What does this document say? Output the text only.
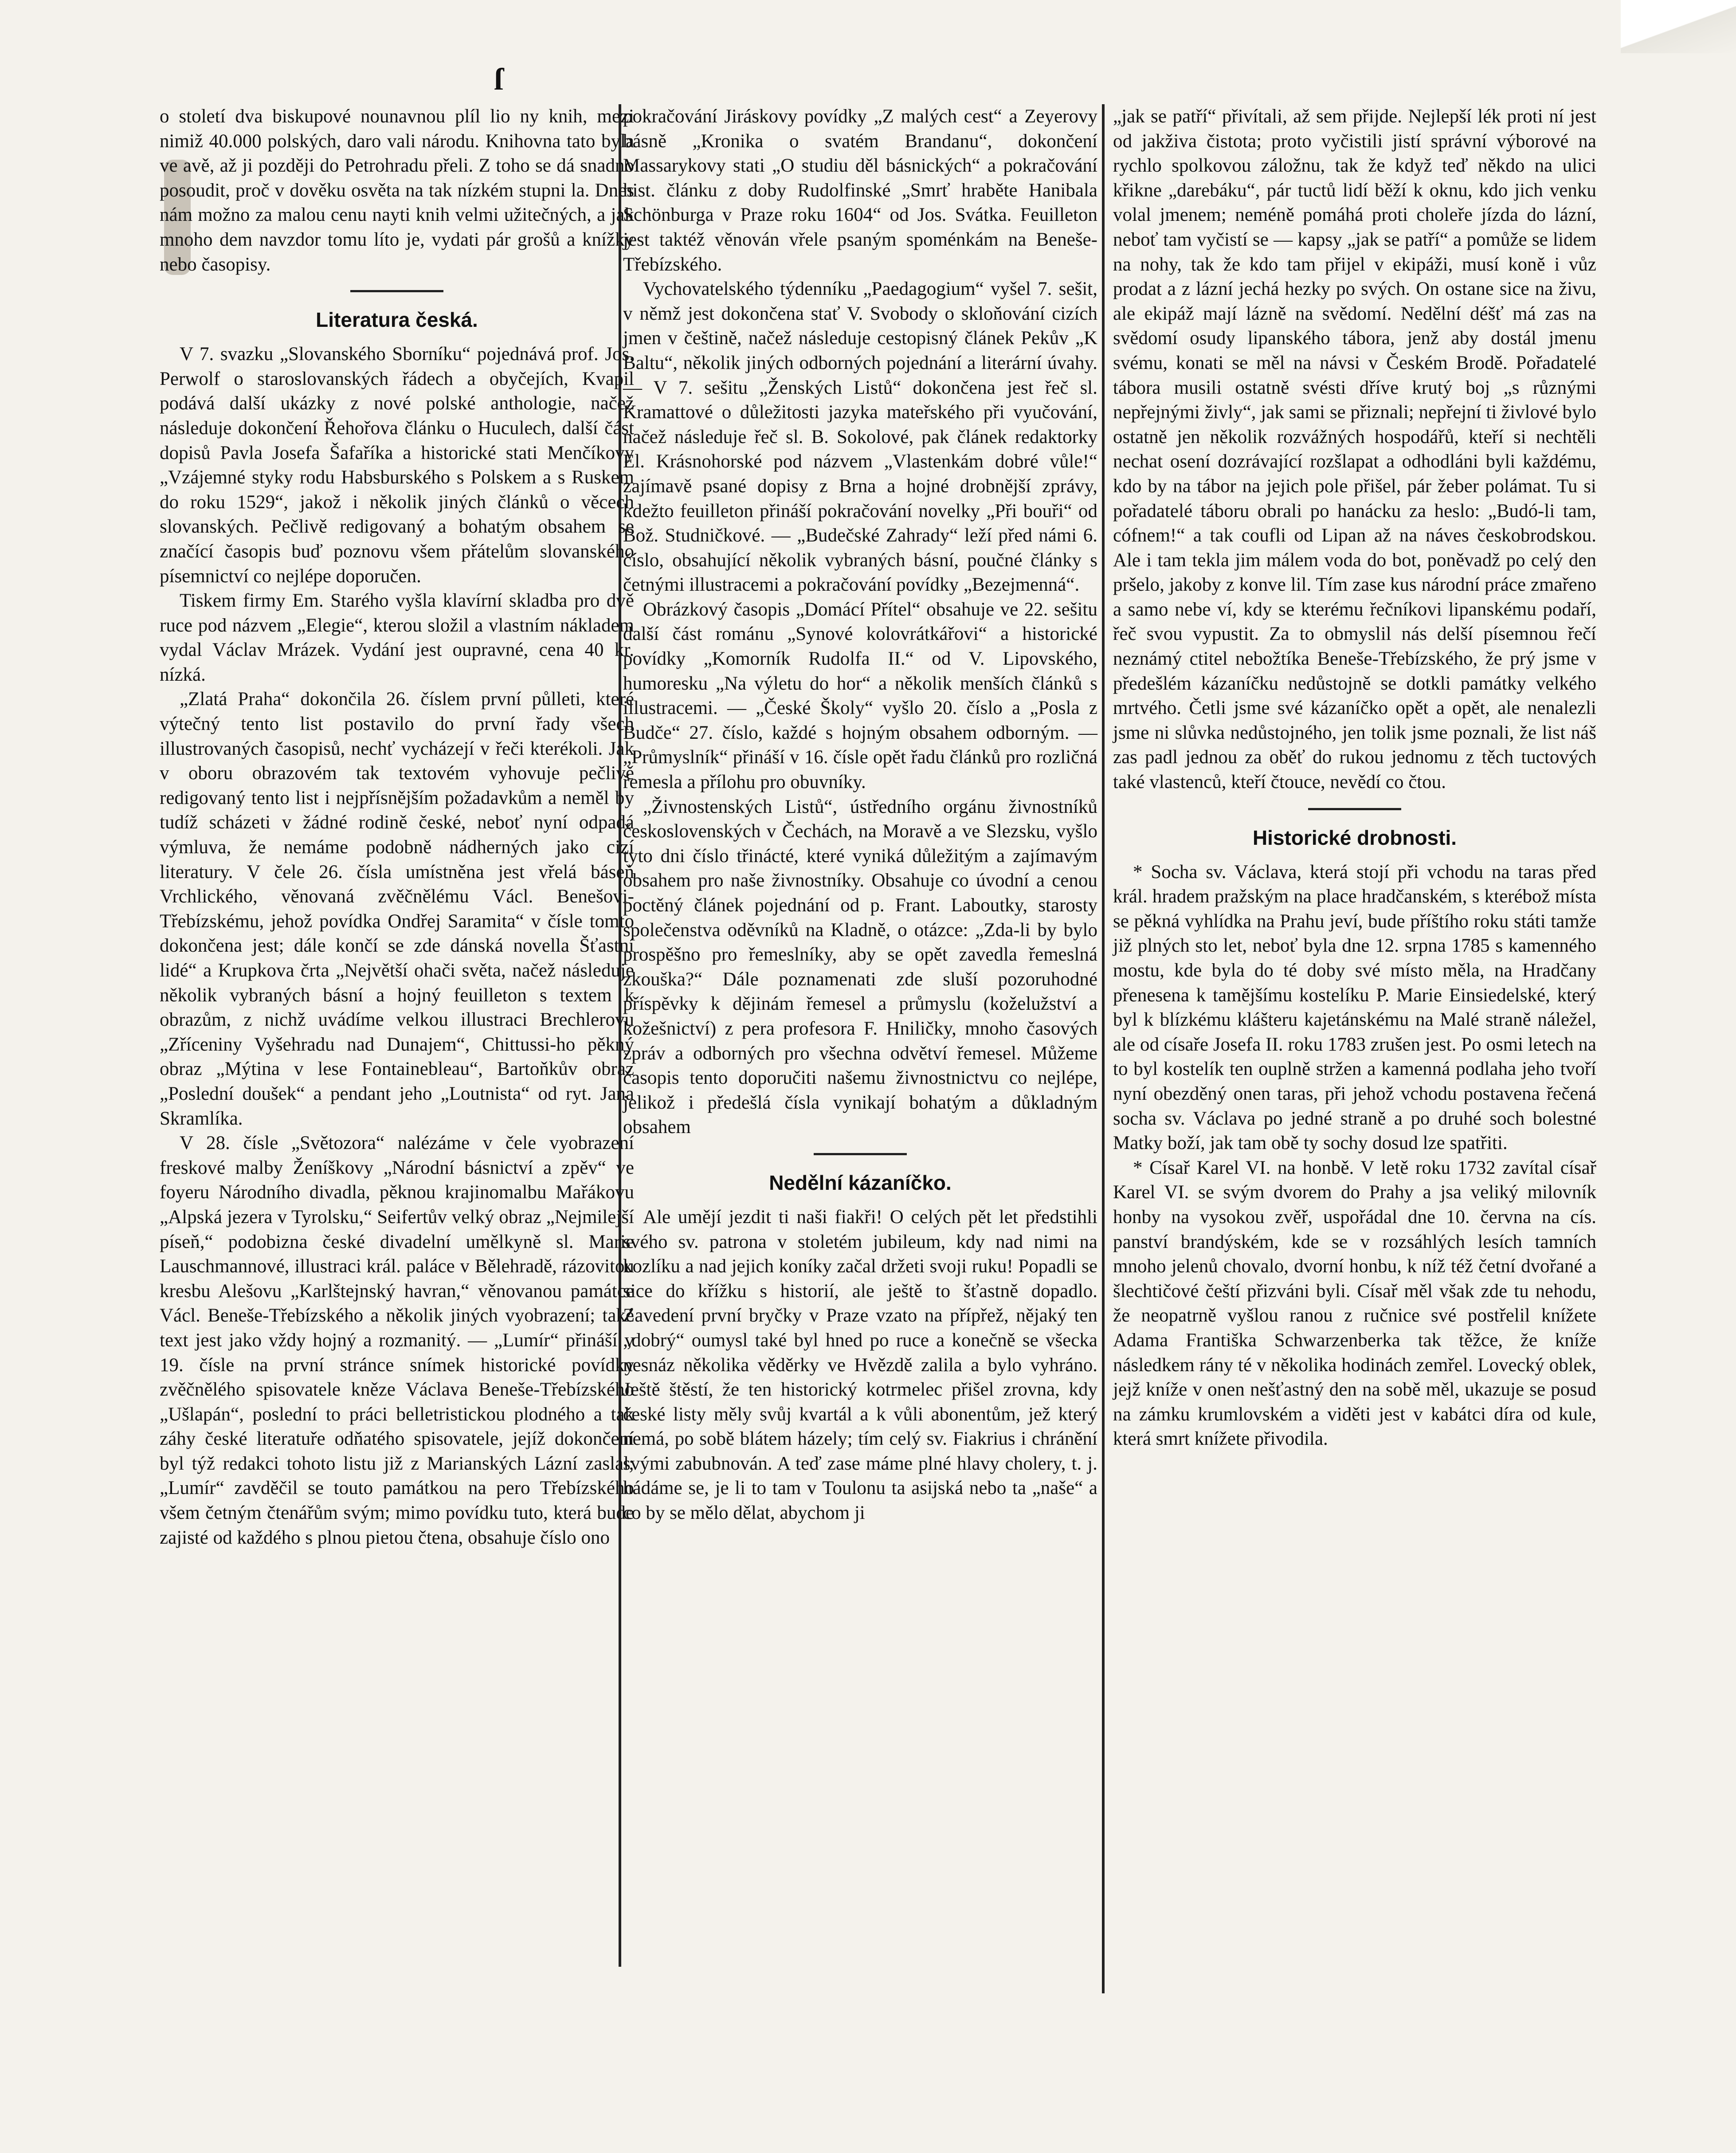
ſ

o století dva biskupové nounavnou plíl lio ny knih, mezi nimiž 40.000 polských, daro vali národu. Knihovna tato byla ve avě, až ji později do Petrohradu přeli. Z toho se dá snadno posoudit, proč v dověku osvěta na tak nízkém stupni la. Dnes nám možno za malou cenu nayti knih velmi užitečných, a jak mnoho dem navzdor tomu líto je, vydati pár grošů a knížky nebo časopisy.

Literatura česká.

V 7. svazku „Slovanského Sborníku“ pojednává prof. Jos. Perwolf o staroslovanských řádech a obyčejích, Kvapil podává další ukázky z nové polské anthologie, načež následuje dokončení Řehořova článku o Huculech, další část dopisů Pavla Josefa Šafaříka a historické stati Menčíkovy „Vzájemné styky rodu Habsburského s Polskem a s Ruskem do roku 1529“, jakož i několik jiných článků o věcech slovanských. Pečlivě redigovaný a bohatým obsahem se značící časopis buď poznovu všem přátelům slovanského písemnictví co nejlépe doporučen.

Tiskem firmy Em. Starého vyšla klavírní skladba pro dvě ruce pod názvem „Elegie“, kterou složil a vlastním nákladem vydal Václav Mrázek. Vydání jest oupravné, cena 40 kr. nízká.

„Zlatá Praha“ dokončila 26. číslem první půlleti, které výtečný tento list postavilo do první řady všech illustrovaných časopisů, nechť vycházejí v řeči kterékoli. Jak v oboru obrazovém tak textovém vyhovuje pečlivě redigovaný tento list i nejpřísnějším požadavkům a neměl by tudíž scházeti v žádné rodině české, neboť nyní odpadá výmluva, že nemáme podobně nádherných jako cizí literatury. V čele 26. čísla umístněna jest vřelá báseň Vrchlického, věnovaná zvěčnělému Václ. Benešovi-Třebízskému, jehož povídka Ondřej Saramita“ v čísle tomto dokončena jest; dále končí se zde dánská novella Šťastní lidé“ a Krupkova črta „Největší ohači světa, načež následuje několik vybraných básní a hojný feuilleton s textem k obrazům, z nichž uvádíme velkou illustraci Brechlerovu „Zříceniny Vyšehradu nad Dunajem“, Chittussi-ho pěkný obraz „Mýtina v lese Fontainebleau“, Bartoňkův obraz „Poslední doušek“ a pendant jeho „Loutnista“ od ryt. Jana Skramlíka.

V 28. čísle „Světozora“ nalézáme v čele vyobrazení freskové malby Ženíškovy „Národní básnictví a zpěv“ ve foyeru Národního divadla, pěknou krajinomalbu Mařákovu „Alpská jezera v Tyrolsku,“ Seifertův velký obraz „Nejmilejší píseň,“ podobizna české divadelní umělkyně sl. Marie Lauschmannové, illustraci král. paláce v Bělehradě, rázovitou kresbu Alešovu „Karlštejnský havran,“ věnovanou památce Václ. Beneše-Třebízského a několik jiných vyobrazení; také text jest jako vždy hojný a rozmanitý. — „Lumír“ přináší v 19. čísle na první stránce snímek historické povídky zvěčnělého spisovatele kněze Václava Beneše-Třebízského „Ušlapán“, poslední to práci belletristickou plodného a tak záhy české literatuře odňatého spisovatele, jejíž dokončení byl týž redakci tohoto listu již z Marianských Lázní zaslal; „Lumír“ zavděčil se touto památkou na pero Třebízského všem četným čtenářům svým; mimo povídku tuto, která bude zajisté od každého s plnou pietou čtena, obsahuje číslo ono

pokračování Jiráskovy povídky „Z malých cest“ a Zeyerovy básně „Kronika o svatém Brandanu“, dokončení Massarykovy stati „O studiu děl básnických“ a pokračování hist. článku z doby Rudolfinské „Smrť hraběte Hanibala Schönburga v Praze roku 1604“ od Jos. Svátka. Feuilleton jest taktéž věnován vřele psaným spoménkám na Beneše-Třebízského.

Vychovatelského týdenníku „Paedagogium“ vyšel 7. sešit, v němž jest dokončena stať V. Svobody o skloňování cizích jmen v češtině, načež následuje cestopisný článek Pekův „K Baltu“, několik jiných odborných pojednání a literární úvahy. — V 7. sešitu „Ženských Listů“ dokončena jest řeč sl. Kramattové o důležitosti jazyka mateřského při vyučování, načež následuje řeč sl. B. Sokolové, pak článek redaktorky El. Krásnohorské pod názvem „Vlastenkám dobré vůle!“ zajímavě psané dopisy z Brna a hojné drobnější zprávy, kdežto feuilleton přináší pokračování novelky „Při bouři“ od Bož. Studničkové. — „Budečské Zahrady“ leží před námi 6. číslo, obsahující několik vybraných básní, poučné články s četnými illustracemi a pokračování povídky „Bezejmenná“.

Obrázkový časopis „Domácí Přítel“ obsahuje ve 22. sešitu další část románu „Synové kolovrátkářovi“ a historické povídky „Komorník Rudolfa II.“ od V. Lipovského, humoresku „Na výletu do hor“ a několik menších článků s illustracemi. — „České Školy“ vyšlo 20. číslo a „Posla z Budče“ 27. číslo, každé s hojným obsahem odborným. — „Průmyslník“ přináší v 16. čísle opět řadu článků pro rozličná řemesla a přílohu pro obuvníky.

„Živnostenských Listů“, ústředního orgánu živnostníků československých v Čechách, na Moravě a ve Slezsku, vyšlo tyto dni číslo třinácté, které vyniká důležitým a zajímavým obsahem pro naše živnostníky. Obsahuje co úvodní a cenou poctěný článek pojednání od p. Frant. Laboutky, starosty společenstva oděvníků na Kladně, o otázce: „Zda-li by bylo prospěšno pro řemeslníky, aby se opět zavedla řemeslná zkouška?“ Dále poznamenati zde sluší pozoruhodné příspěvky k dějinám řemesel a průmyslu (koželužství a kožešnictví) z pera profesora F. Hniličky, mnoho časových zpráv a odborných pro všechna odvětví řemesel. Můžeme časopis tento doporučiti našemu živnostnictvu co nejlépe, jelikož i předešlá čísla vynikají bohatým a důkladným obsahem

Nedělní kázaníčko.

Ale umějí jezdit ti naši fiakři! O celých pět let předstihli svého sv. patrona v stoletém jubileum, kdy nad nimi na kozlíku a nad jejich koníky začal držeti svoji ruku! Popadli se sice do křížku s historií, ale ještě to šťastně dopadlo. Zavedení první bryčky v Praze vzato na přípřež, nějaký ten „dobrý“ oumysl také byl hned po ruce a konečně se všecka nesnáz několika věděrky ve Hvězdě zalila a bylo vyhráno. Ještě štěstí, že ten historický kotrmelec přišel zrovna, kdy české listy měly svůj kvartál a k vůli abonentům, jež který nemá, po sobě blátem házely; tím celý sv. Fiakrius i chránění svými zabubnován. A teď zase máme plné hlavy cholery, t. j. hádáme se, je li to tam v Toulonu ta asijská nebo ta „naše“ a co by se mělo dělat, abychom ji

„jak se patří“ přivítali, až sem přijde. Nejlepší lék proti ní jest od jakživa čistota; proto vyčistili jistí správní výborové na rychlo spolkovou záložnu, tak že když teď někdo na ulici křikne „darebáku“, pár tuctů lidí běží k oknu, kdo jich venku volal jmenem; neméně pomáhá proti choleře jízda do lázní, neboť tam vyčistí se — kapsy „jak se patří“ a pomůže se lidem na nohy, tak že kdo tam přijel v ekipáži, musí koně i vůz prodat a z lázní jechá hezky po svých. On ostane sice na živu, ale ekipáž mají lázně na svědomí. Nedělní déšť má zas na svědomí osudy lipanského tábora, jenž aby dostál jmenu svému, konati se měl na návsi v Českém Brodě. Pořadatelé tábora musili ostatně svésti dříve krutý boj „s různými nepřejnými živly“, jak sami se přiznali; nepřejní ti živlové bylo ostatně jen několik rozvážných hospodářů, kteří si nechtěli nechat osení dozrávající rozšlapat a odhodláni byli každému, kdo by na tábor na jejich pole přišel, pár žeber polámat. Tu si pořadatelé táboru obrali po hanácku za heslo: „Budó-li tam, cófnem!“ a tak coufli od Lipan až na náves českobrodskou. Ale i tam tekla jim málem voda do bot, poněvadž po celý den pršelo, jakoby z konve lil. Tím zase kus národní práce zmařeno a samo nebe ví, kdy se kterému řečníkovi lipanskému podaří, řeč svou vypustit. Za to obmyslil nás delší písemnou řečí neznámý ctitel nebožtíka Beneše-Třebízského, že prý jsme v předešlém kázaníčku nedůstojně se dotkli památky velkého mrtvého. Četli jsme své kázaníčko opět a opět, ale nenalezli jsme ni slůvka nedůstojného, jen tolik jsme poznali, že list náš zas padl jednou za oběť do rukou jednomu z těch tuctových také vlastenců, kteří čtouce, nevědí co čtou.

Historické drobnosti.

* Socha sv. Václava, která stojí při vchodu na taras před král. hradem pražským na place hradčanském, s kterébož místa se pěkná vyhlídka na Prahu jeví, bude příštího roku státi tamže již plných sto let, neboť byla dne 12. srpna 1785 s kamenného mostu, kde byla do té doby své místo měla, na Hradčany přenesena k tamějšímu kostelíku P. Marie Einsiedelské, který byl k blízkému klášteru kajetánskému na Malé straně náležel, ale od císaře Josefa II. roku 1783 zrušen jest. Po osmi letech na to byl kostelík ten ouplně stržen a kamenná podlaha jeho tvoří nyní obezděný onen taras, při jehož vchodu postavena řečená socha sv. Václava po jedné straně a po druhé soch bolestné Matky boží, jak tam obě ty sochy dosud lze spatřiti.

* Císař Karel VI. na honbě. V letě roku 1732 zavítal císař Karel VI. se svým dvorem do Prahy a jsa veliký milovník honby na vysokou zvěř, uspořádal dne 10. června na cís. panství brandýském, kde se v rozsáhlých lesích tamních mnoho jelenů chovalo, dvorní honbu, k níž též četní dvořané a šlechtičové čeští přizváni byli. Císař měl však zde tu nehodu, že neopatrně vyšlou ranou z ručnice své postřelil knížete Adama Františka Schwarzenberka tak těžce, že kníže následkem rány té v několika hodinách zemřel. Lovecký oblek, jejž kníže v onen nešťastný den na sobě měl, ukazuje se posud na zámku krumlovském a viděti jest v kabátci díra od kule, která smrt knížete přivodila.
